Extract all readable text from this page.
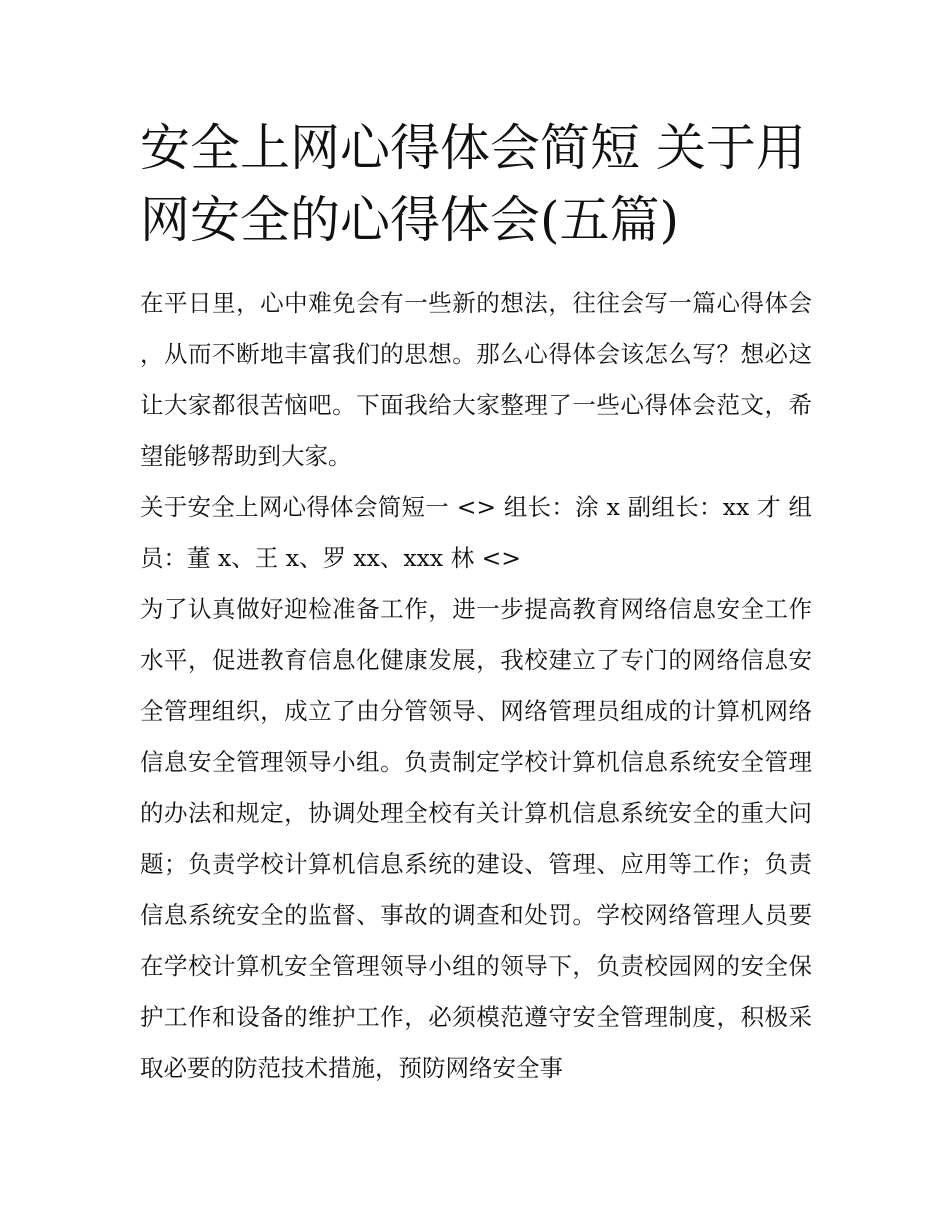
安全上网心得体会简短 关于用
网安全的心得体会(五篇)

在平日里，心中难免会有一些新的想法，往往会写一篇心得体会，从而不断地丰富我们的思想。那么心得体会该怎么写？想必这让大家都很苦恼吧。下面我给大家整理了一些心得体会范文，希望能够帮助到大家。

关于安全上网心得体会简短一 <> 组长：涂 x 副组长：xx 才 组员：董 x、王 x、罗 xx、xxx 林 <>

为了认真做好迎检准备工作，进一步提高教育网络信息安全工作水平，促进教育信息化健康发展，我校建立了专门的网络信息安全管理组织，成立了由分管领导、网络管理员组成的计算机网络信息安全管理领导小组。负责制定学校计算机信息系统安全管理的办法和规定，协调处理全校有关计算机信息系统安全的重大问题；负责学校计算机信息系统的建设、管理、应用等工作；负责信息系统安全的监督、事故的调查和处罚。学校网络管理人员要在学校计算机安全管理领导小组的领导下，负责校园网的安全保护工作和设备的维护工作，必须模范遵守安全管理制度，积极采取必要的防范技术措施，预防网络安全事
